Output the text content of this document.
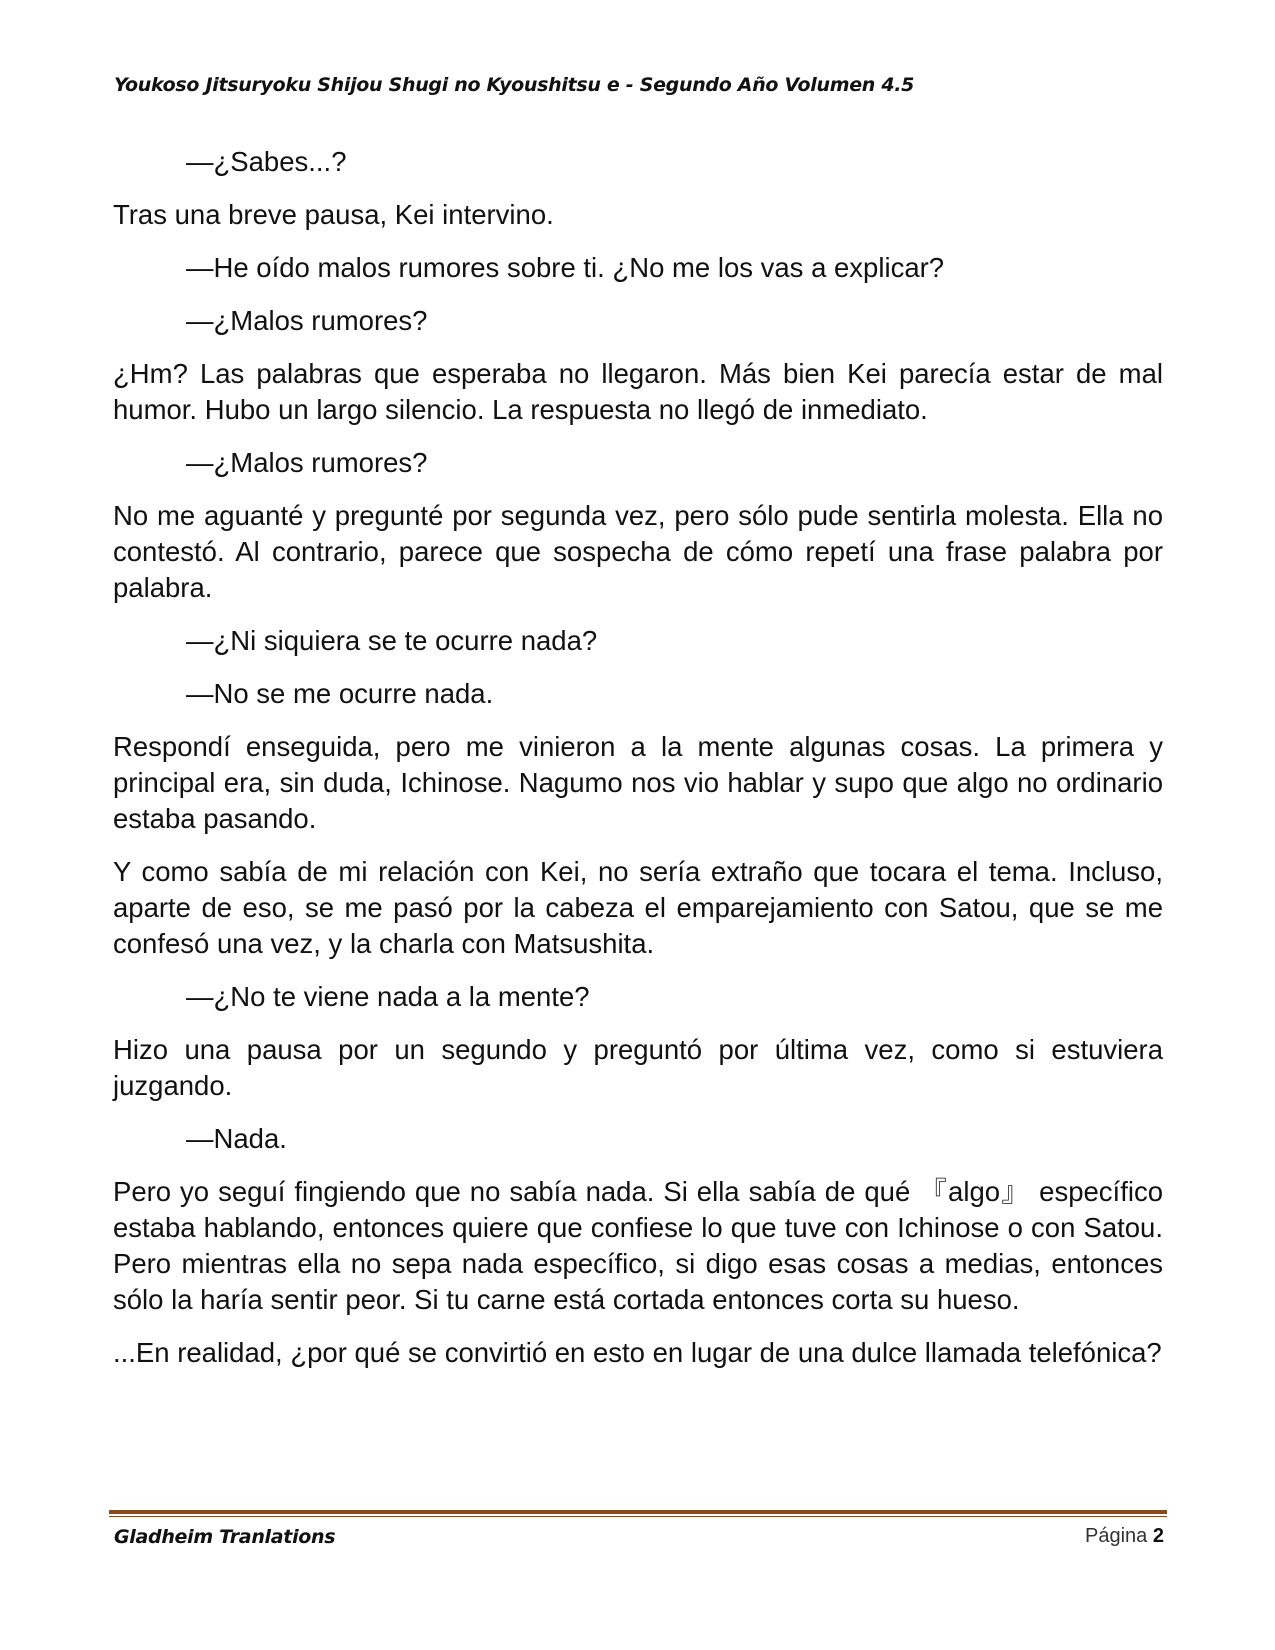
Youkoso Jitsuryoku Shijou Shugi no Kyoushitsu e - Segundo Año Volumen 4.5

—¿Sabes...?

Tras una breve pausa, Kei intervino.

—He oído malos rumores sobre ti. ¿No me los vas a explicar?

—¿Malos rumores?

¿Hm? Las palabras que esperaba no llegaron. Más bien Kei parecía estar de mal humor. Hubo un largo silencio. La respuesta no llegó de inmediato.

—¿Malos rumores?

No me aguanté y pregunté por segunda vez, pero sólo pude sentirla molesta. Ella no contestó. Al contrario, parece que sospecha de cómo repetí una frase palabra por palabra.

—¿Ni siquiera se te ocurre nada?

—No se me ocurre nada.

Respondí enseguida, pero me vinieron a la mente algunas cosas. La primera y principal era, sin duda, Ichinose. Nagumo nos vio hablar y supo que algo no ordinario estaba pasando.

Y como sabía de mi relación con Kei, no sería extraño que tocara el tema. Incluso, aparte de eso, se me pasó por la cabeza el emparejamiento con Satou, que se me confesó una vez, y la charla con Matsushita.

—¿No te viene nada a la mente?

Hizo una pausa por un segundo y preguntó por última vez, como si estuviera juzgando.

—Nada.

Pero yo seguí fingiendo que no sabía nada. Si ella sabía de qué 『algo』 específico estaba hablando, entonces quiere que confiese lo que tuve con Ichinose o con Satou. Pero mientras ella no sepa nada específico, si digo esas cosas a medias, entonces sólo la haría sentir peor. Si tu carne está cortada entonces corta su hueso.

...En realidad, ¿por qué se convirtió en esto en lugar de una dulce llamada telefónica?

Gladheim Tranlations	Página 2
